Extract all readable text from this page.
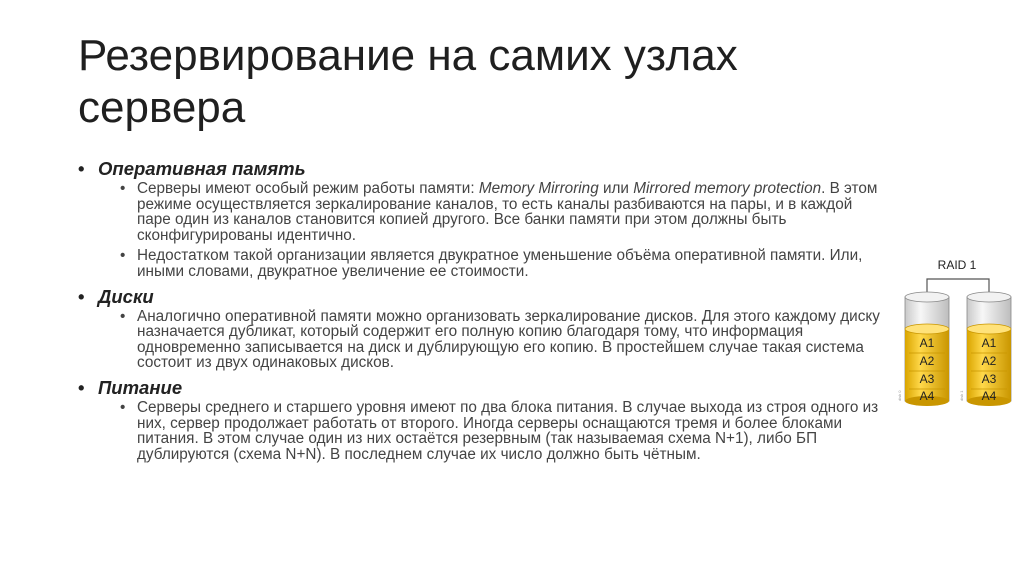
Резервирование на самих узлах сервера
• Оперативная память
• Серверы имеют особый режим работы памяти: Memory Mirroring или Mirrored memory protection. В этом режиме осуществляется зеркалирование каналов, то есть каналы разбиваются на пары, и в каждой паре один из каналов становится копией другого. Все банки памяти при этом должны быть сконфигурированы идентично.
• Недостатком такой организации является двукратное уменьшение объёма оперативной памяти. Или, иными словами, двукратное увеличение ее стоимости.
• Диски
• Аналогично оперативной памяти можно организовать зеркалирование дисков. Для этого каждому диску назначается дубликат, который содержит его полную копию благодаря тому, что информация одновременно записывается на диск и дублирующую его копию. В простейшем случае такая система состоит из двух одинаковых дисков.
• Питание
• Серверы среднего и старшего уровня имеют по два блока питания. В случае выхода из строя одного из них, сервер продолжает работать от второго. Иногда серверы оснащаются тремя и более блоками питания. В этом случае один из них остаётся резервным (так называемая схема N+1), либо БП дублируются (схема N+N). В последнем случае их число должно быть чётным.
RAID 1
A1
A2
A3
A4
disk 0
A1
A2
A3
A4
disk 1
